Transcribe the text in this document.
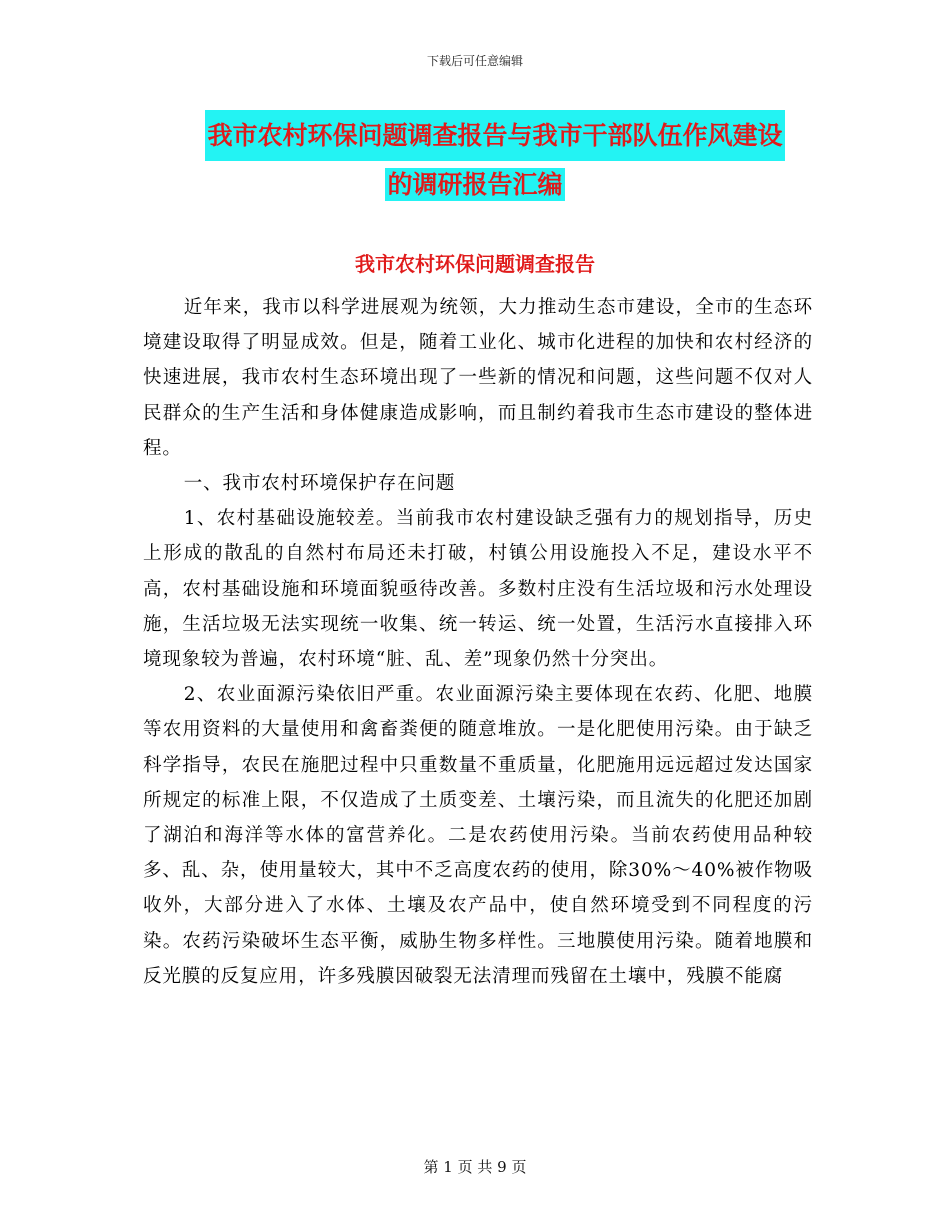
下载后可任意编辑
我市农村环保问题调查报告与我市干部队伍作风建设
的调研报告汇编
我市农村环保问题调查报告

近年来，我市以科学进展观为统领，大力推动生态市建设，全市的生态环境建设取得了明显成效。但是，随着工业化、城市化进程的加快和农村经济的快速进展，我市农村生态环境出现了一些新的情况和问题，这些问题不仅对人民群众的生产生活和身体健康造成影响，而且制约着我市生态市建设的整体进程。

一、我市农村环境保护存在问题

1、农村基础设施较差。当前我市农村建设缺乏强有力的规划指导，历史上形成的散乱的自然村布局还未打破，村镇公用设施投入不足，建设水平不高，农村基础设施和环境面貌亟待改善。多数村庄没有生活垃圾和污水处理设施，生活垃圾无法实现统一收集、统一转运、统一处置，生活污水直接排入环境现象较为普遍，农村环境“脏、乱、差”现象仍然十分突出。

2、农业面源污染依旧严重。农业面源污染主要体现在农药、化肥、地膜等农用资料的大量使用和禽畜粪便的随意堆放。一是化肥使用污染。由于缺乏科学指导，农民在施肥过程中只重数量不重质量，化肥施用远远超过发达国家所规定的标准上限，不仅造成了土质变差、土壤污染，而且流失的化肥还加剧了湖泊和海洋等水体的富营养化。二是农药使用污染。当前农药使用品种较多、乱、杂，使用量较大，其中不乏高度农药的使用，除30%～40%被作物吸收外，大部分进入了水体、土壤及农产品中，使自然环境受到不同程度的污染。农药污染破坏生态平衡，威胁生物多样性。三地膜使用污染。随着地膜和反光膜的反复应用，许多残膜因破裂无法清理而残留在土壤中，残膜不能腐

第 1 页 共 9 页
